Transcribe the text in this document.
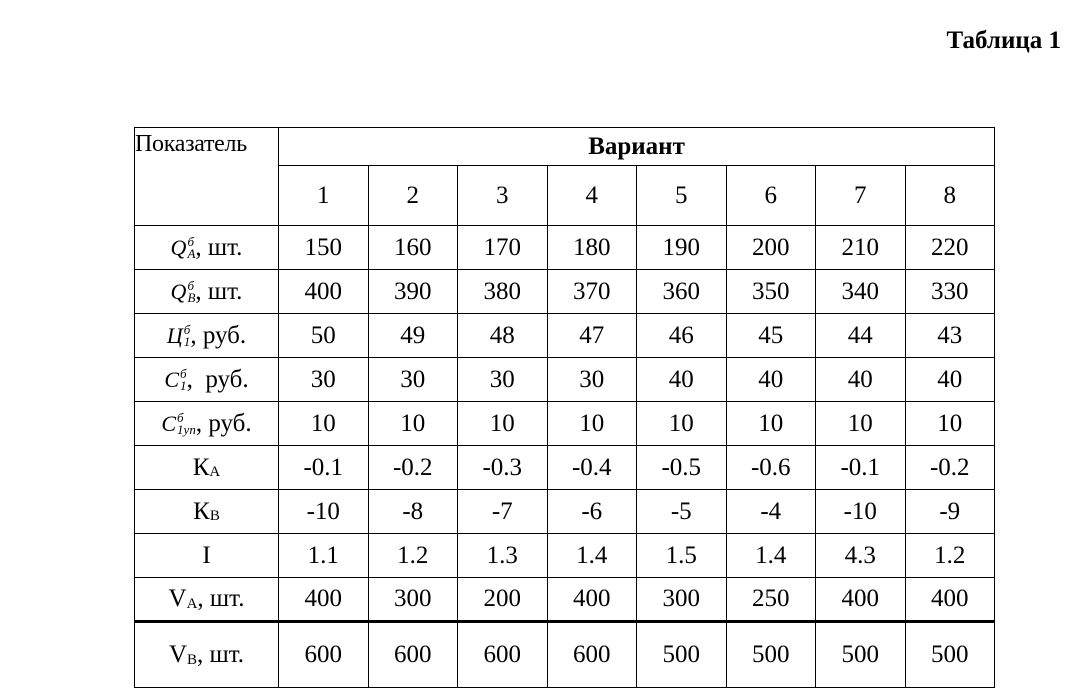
Таблица 1
Показатель	Вариант							
	1	2	3	4	5	6	7	8

Q б
A , шт.	150	160	170	180	190	200	210	220

Q б
B , шт.	400	390	380	370	360	350	340	330

Ц б
1 , руб.	50	49	48	47	46	45	44	43

C б
1 ,  руб.	30	30	30	30	40	40	40	40

C б
1уп , руб.	10	10	10	10	10	10	10	10

К A	-0.1	-0.2	-0.3	-0.4	-0.5	-0.6	-0.1	-0.2

К B	-10	-8	-7	-6	-5	-4	-10	-9

I	1.1	1.2	1.3	1.4	1.5	1.4	4.3	1.2

V A , шт.	400	300	200	400	300	250	400	400

V B , шт.	600	600	600	600	500	500	500	500
